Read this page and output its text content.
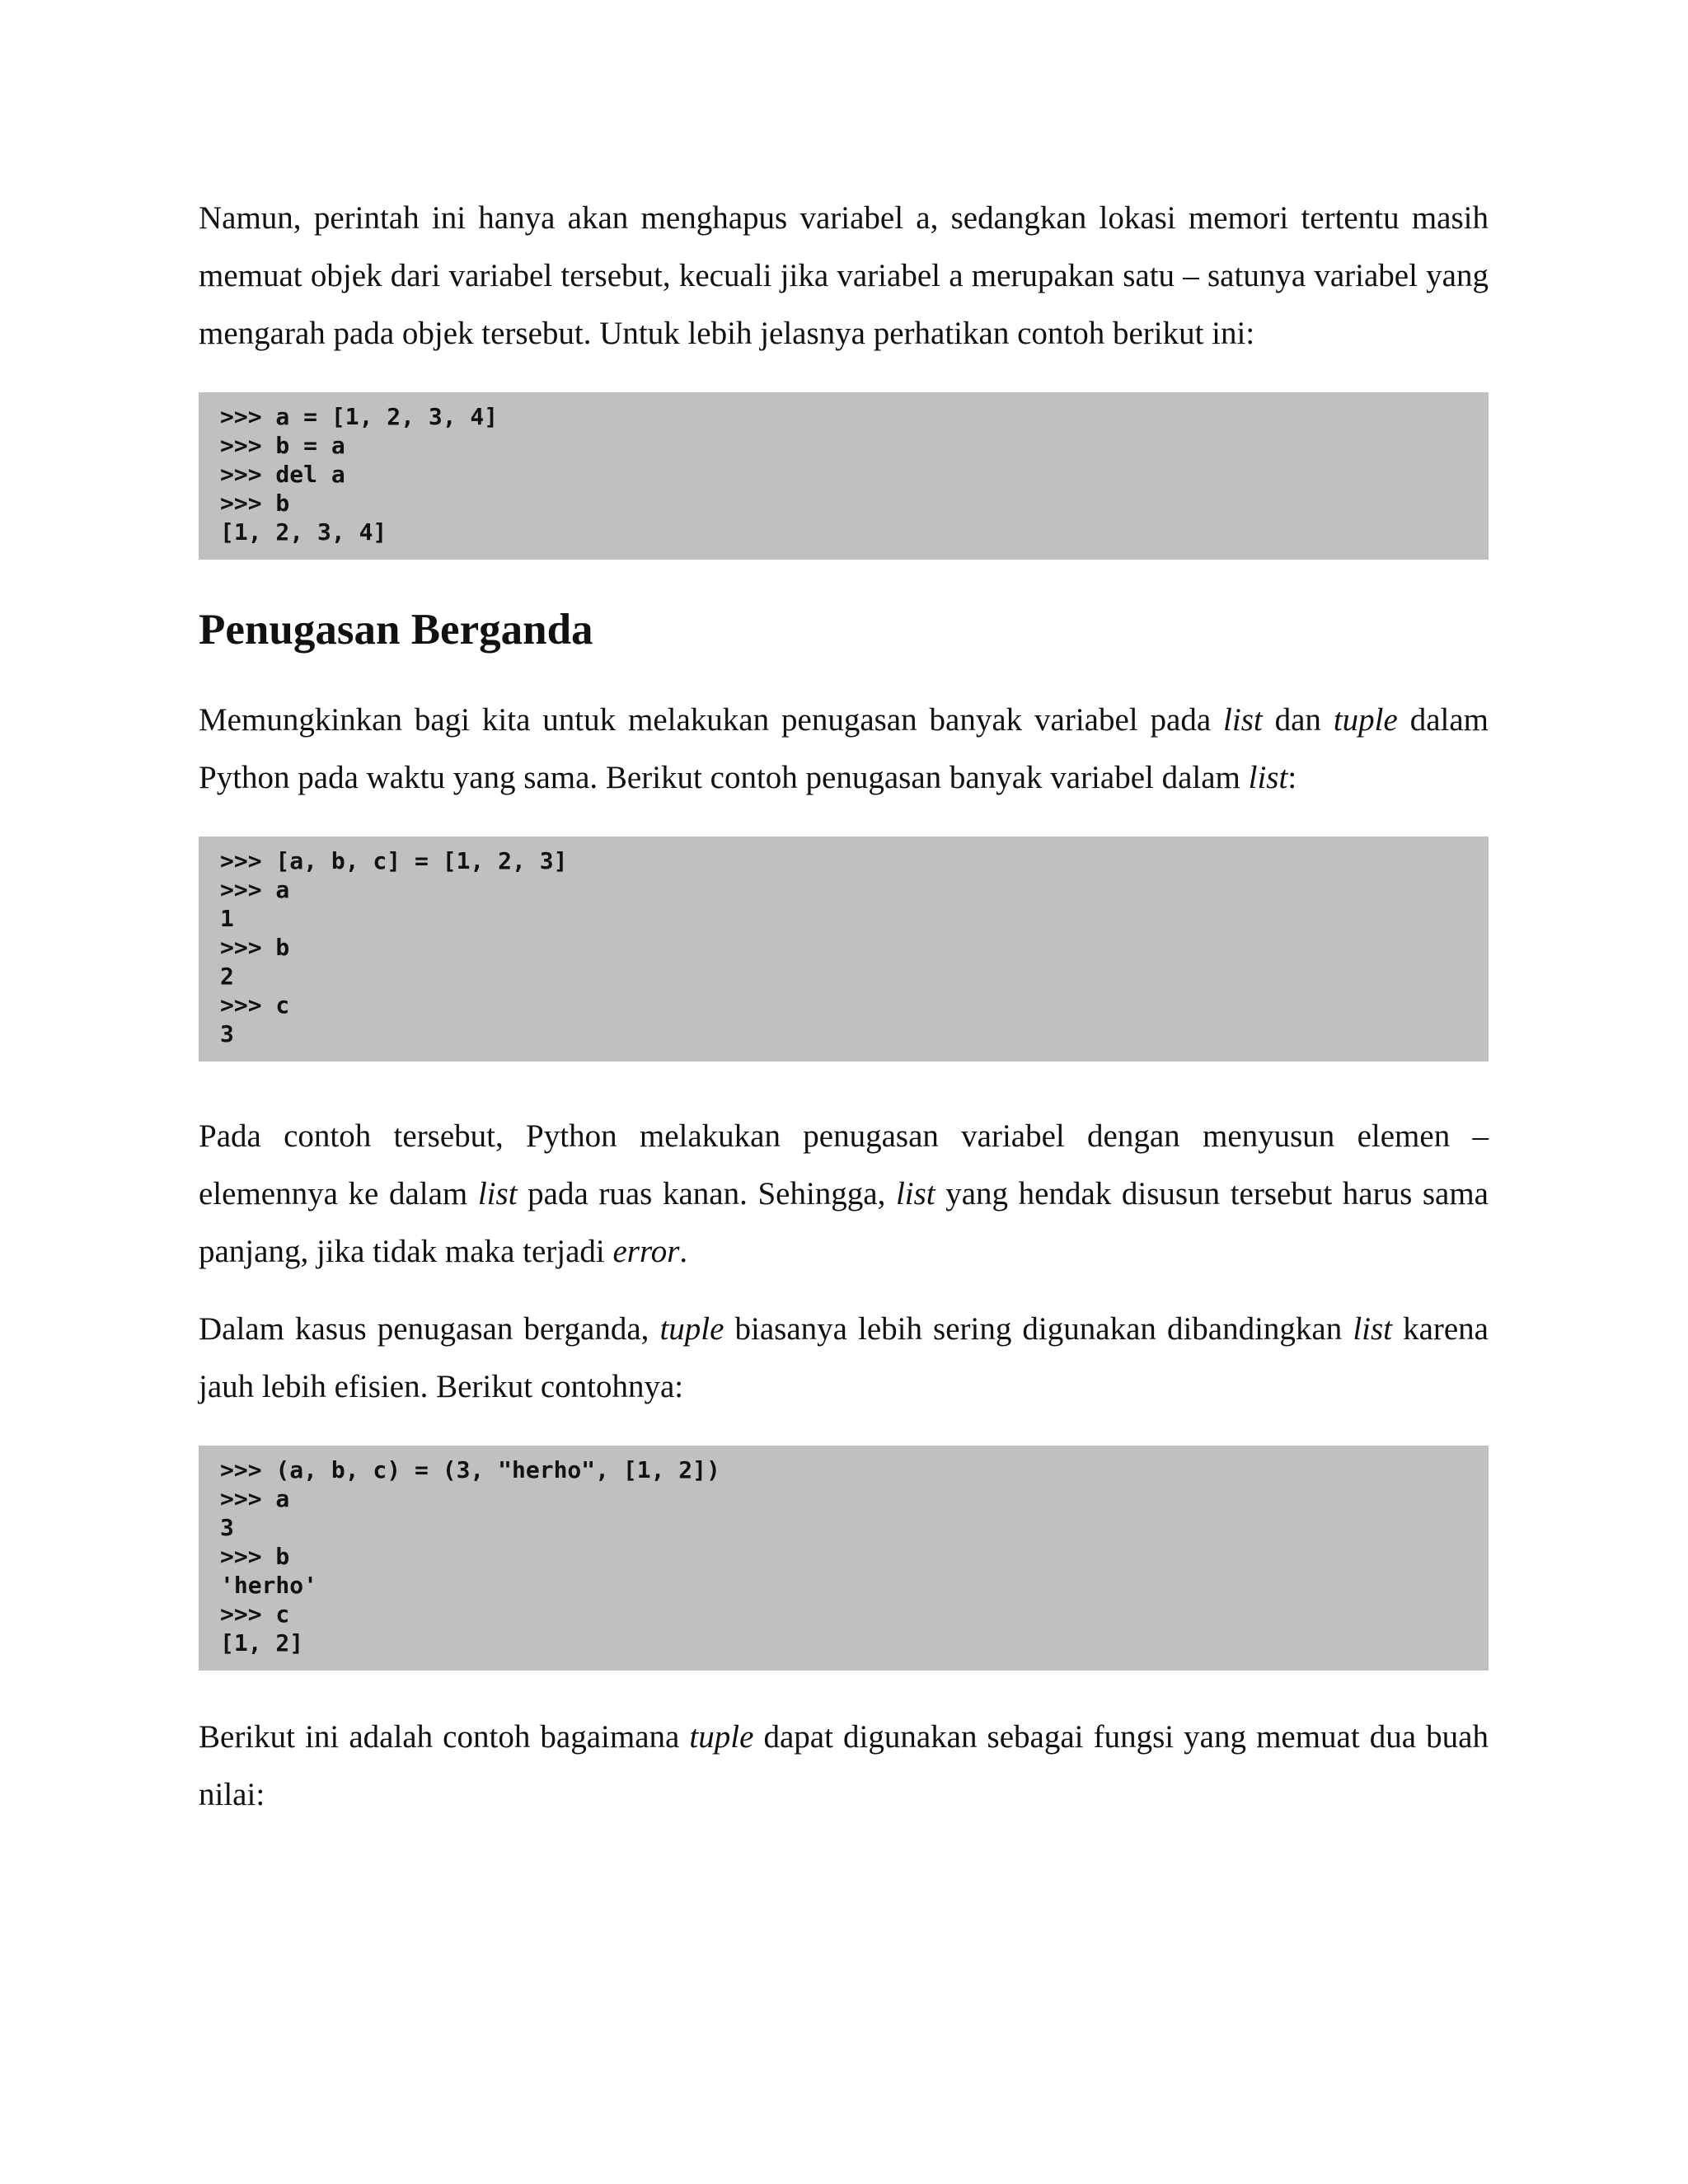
Namun, perintah ini hanya akan menghapus variabel a, sedangkan lokasi memori tertentu masih memuat objek dari variabel tersebut, kecuali jika variabel a merupakan satu – satunya variabel yang mengarah pada objek tersebut. Untuk lebih jelasnya perhatikan contoh berikut ini:

>>> a = [1, 2, 3, 4]
>>> b = a
>>> del a
>>> b
[1, 2, 3, 4]
Penugasan Berganda

Memungkinkan bagi kita untuk melakukan penugasan banyak variabel pada list dan tuple dalam Python pada waktu yang sama. Berikut contoh penugasan banyak variabel dalam list:

>>> [a, b, c] = [1, 2, 3]
>>> a
1
>>> b
2
>>> c
3

Pada contoh tersebut, Python melakukan penugasan variabel dengan menyusun elemen – elemennya ke dalam list pada ruas kanan. Sehingga, list yang hendak disusun tersebut harus sama panjang, jika tidak maka terjadi error.

Dalam kasus penugasan berganda, tuple biasanya lebih sering digunakan dibandingkan list karena jauh lebih efisien. Berikut contohnya:

>>> (a, b, c) = (3, "herho", [1, 2])
>>> a
3
>>> b
'herho'
>>> c
[1, 2]

Berikut ini adalah contoh bagaimana tuple dapat digunakan sebagai fungsi yang memuat dua buah nilai:
